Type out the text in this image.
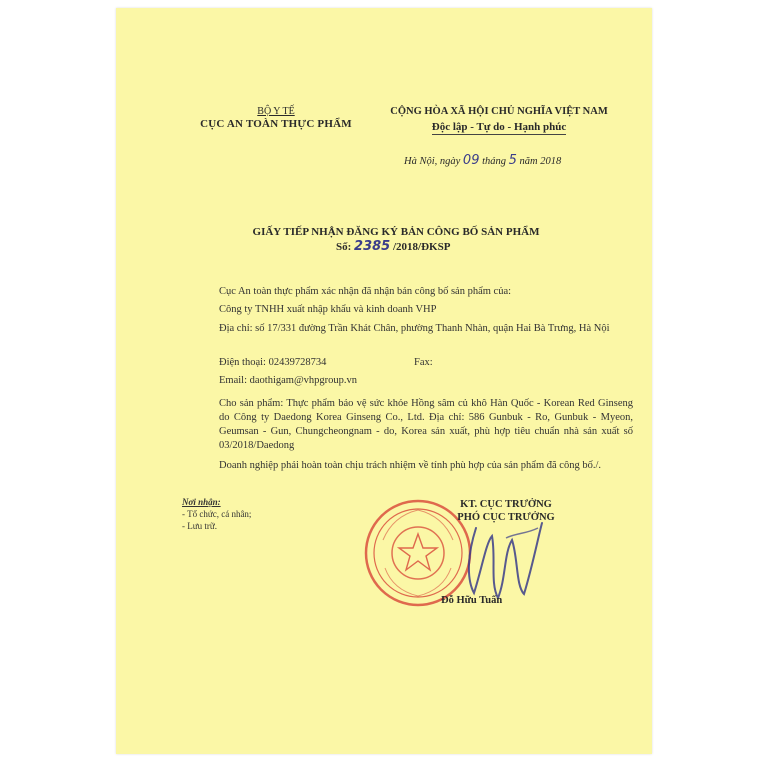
BỘ Y TẾ
CỤC AN TOÀN THỰC PHẨM
CỘNG HÒA XÃ HỘI CHỦ NGHĨA VIỆT NAM
Độc lập - Tự do - Hạnh phúc
Hà Nội, ngày 09 tháng 5 năm 2018
GIẤY TIẾP NHẬN ĐĂNG KÝ BẢN CÔNG BỐ SẢN PHẨM
Số: 2385 /2018/ĐKSP
Cục An toàn thực phẩm xác nhận đã nhận bản công bố sản phẩm của:
Công ty TNHH xuất nhập khẩu và kinh doanh VHP
Địa chỉ: số 17/331 đường Trần Khát Chân, phường Thanh Nhàn, quận Hai Bà Trưng, Hà Nội
Điện thoại: 02439728734	Fax:
Email: daothigam@vhpgroup.vn
Cho sản phẩm: Thực phẩm bảo vệ sức khỏe Hồng sâm củ khô Hàn Quốc - Korean Red Ginseng do Công ty Daedong Korea Ginseng Co., Ltd. Địa chỉ: 586 Gunbuk - Ro, Gunbuk - Myeon, Geumsan - Gun, Chungcheongnam - do, Korea sản xuất, phù hợp tiêu chuẩn nhà sản xuất số 03/2018/Daedong
Doanh nghiệp phải hoàn toàn chịu trách nhiệm về tính phù hợp của sản phẩm đã công bố./.
Nơi nhận:
- Tổ chức, cá nhân;
- Lưu trữ.
KT. CỤC TRƯỞNG
PHÓ CỤC TRƯỞNG
Đỗ Hữu Tuấn
